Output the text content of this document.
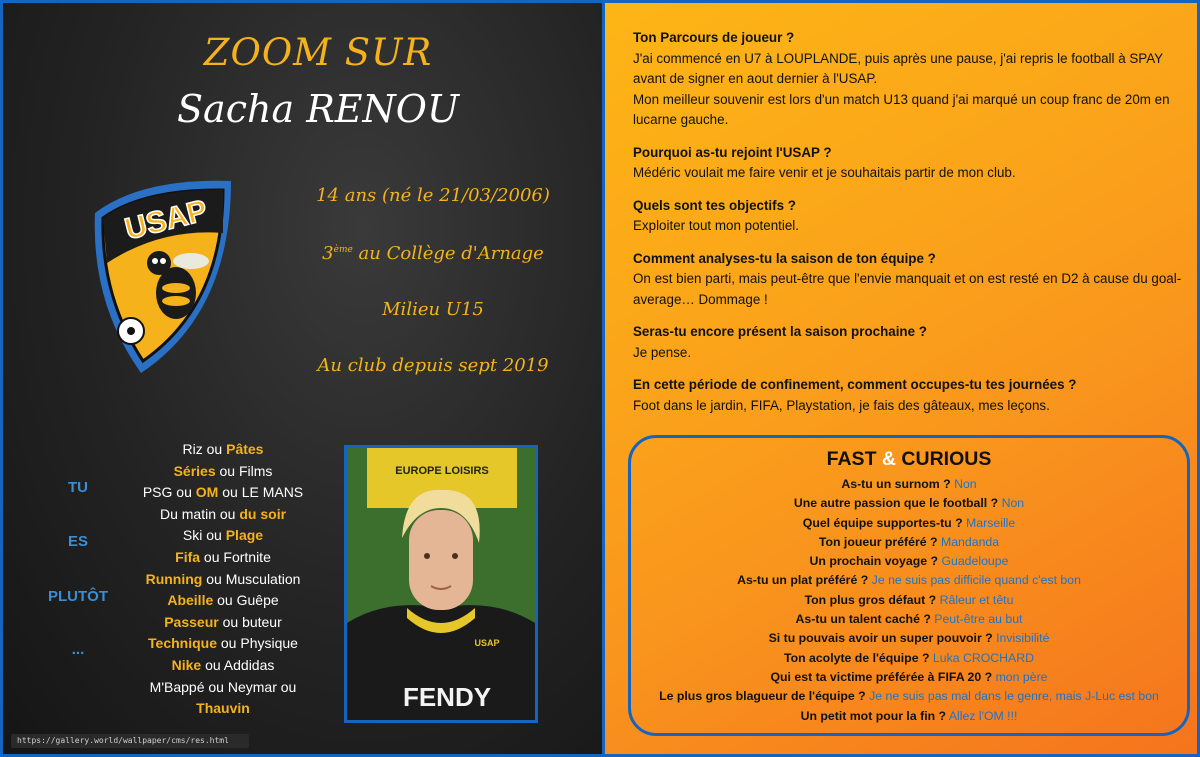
ZOOM SUR
Sacha RENOU
USAP	14 ans (né le 21/03/2006)
3ème au Collège d'Arnage
Milieu U15
Au club depuis sept 2019
TU
ES
PLUTÔT
...
Riz ou Pâtes
Séries ou Films
PSG ou OM ou LE MANS
Du matin ou du soir
Ski ou Plage
Fifa ou Fortnite
Running ou Musculation
Abeille ou Guêpe
Passeur ou buteur
Technique ou Physique
Nike ou Addidas
M'Bappé ou Neymar ou
Thauvin
EUROPE LOISIRS
FENDY
USAP
https://gallery.world/wallpaper/cms/res.html
Ton Parcours de joueur ?
J'ai commencé en U7 à LOUPLANDE, puis après une pause, j'ai repris le football à SPAY avant de signer en aout dernier à l'USAP.
Mon meilleur souvenir est lors d'un match U13 quand j'ai marqué un coup franc de 20m en lucarne gauche.
Pourquoi as-tu rejoint l'USAP ?
Médéric voulait me faire venir et je souhaitais partir de mon club.
Quels sont tes objectifs ?
Exploiter tout mon potentiel.
Comment analyses-tu la saison de ton équipe ?
On est bien parti, mais peut-être que l'envie manquait et on est resté en D2 à cause du goal-average… Dommage !
Seras-tu encore présent la saison prochaine ?
Je pense.
En cette période de confinement, comment occupes-tu tes journées ?
Foot dans le jardin, FIFA, Playstation, je fais des gâteaux, mes leçons.
FAST & CURIOUS
As-tu un surnom ? Non
Une autre passion que le football ? Non
Quel équipe supportes-tu ? Marseille
Ton joueur préféré ? Mandanda
Un prochain voyage ? Guadeloupe
As-tu un plat préféré ? Je ne suis pas difficile quand c'est bon
Ton plus gros défaut ? Râleur et têtu
As-tu un talent caché ? Peut-être au but
Si tu pouvais avoir un super pouvoir ? Invisibilité
Ton acolyte de l'équipe ? Luka CROCHARD
Qui est ta victime préférée à FIFA 20 ? mon père
Le plus gros blagueur de l'équipe ? Je ne suis pas mal dans le genre, mais J-Luc est bon
Un petit mot pour la fin ? Allez l'OM !!!
